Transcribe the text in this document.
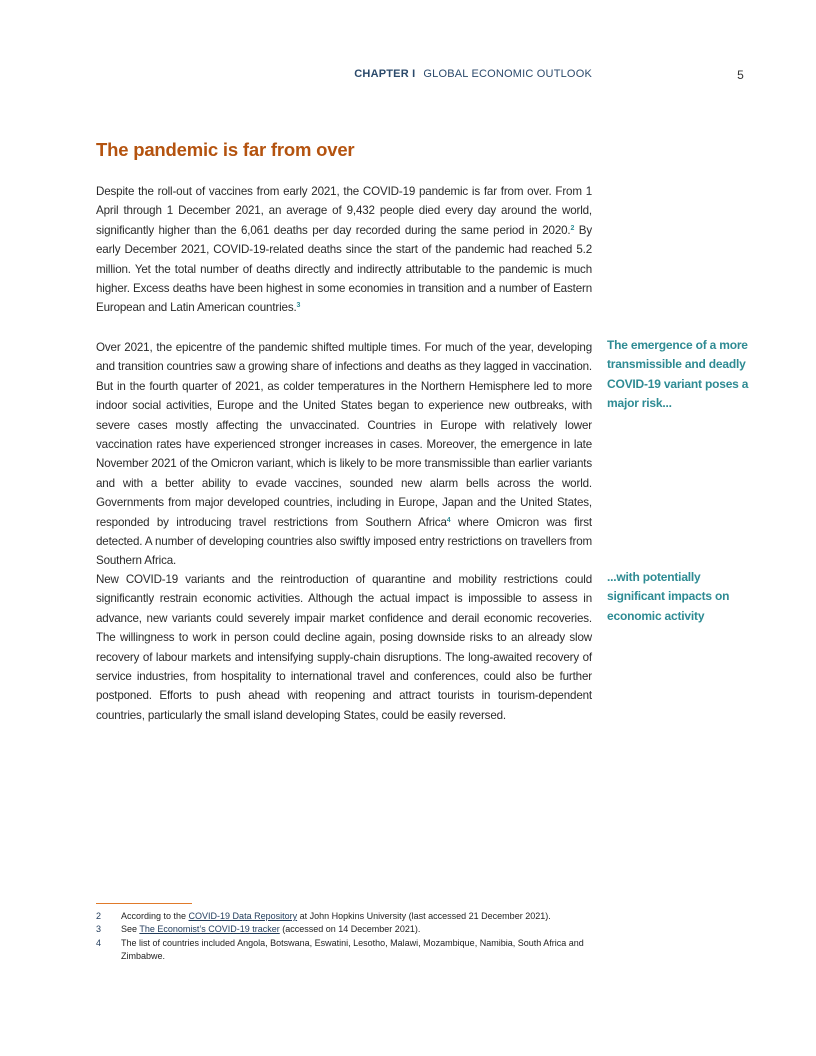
CHAPTER I GLOBAL ECONOMIC OUTLOOK	5
The pandemic is far from over

Despite the roll-out of vaccines from early 2021, the COVID-19 pandemic is far from over. From 1 April through 1 December 2021, an average of 9,432 people died every day around the world, significantly higher than the 6,061 deaths per day recorded during the same period in 2020.$^2$ By early December 2021, COVID-19-related deaths since the start of the pandemic had reached 5.2 million. Yet the total number of deaths directly and indirectly attributable to the pandemic is much higher. Excess deaths have been highest in some economies in transition and a number of Eastern European and Latin American countries.$^3$

Over 2021, the epicentre of the pandemic shifted multiple times. For much of the year, developing and transition countries saw a growing share of infections and deaths as they lagged in vaccination. But in the fourth quarter of 2021, as colder temperatures in the Northern Hemisphere led to more indoor social activities, Europe and the United States began to experience new outbreaks, with severe cases mostly affecting the unvaccinated. Countries in Europe with relatively lower vaccination rates have experienced stronger increases in cases. Moreover, the emergence in late November 2021 of the Omicron variant, which is likely to be more transmissible than earlier variants and with a better ability to evade vaccines, sounded new alarm bells across the world. Governments from major developed countries, including in Europe, Japan and the United States, responded by introducing travel restrictions from Southern Africa$^4$ where Omicron was first detected. A number of developing countries also swiftly imposed entry restrictions on travellers from Southern Africa.

New COVID-19 variants and the reintroduction of quarantine and mobility restrictions could significantly restrain economic activities. Although the actual impact is impossible to assess in advance, new variants could severely impair market confidence and derail economic recoveries. The willingness to work in person could decline again, posing downside risks to an already slow recovery of labour markets and intensifying supply-chain disruptions. The long-awaited recovery of service industries, from hospitality to international travel and conferences, could also be further postponed. Efforts to push ahead with reopening and attract tourists in tourism-dependent countries, particularly the small island developing States, could be easily reversed.

The emergence of a more transmissible and deadly COVID-19 variant poses a major risk...

...with potentially significant impacts on economic activity

2 According to the COVID-19 Data Repository at John Hopkins University (last accessed 21 December 2021).
3 See The Economist’s COVID-19 tracker (accessed on 14 December 2021).
4 The list of countries included Angola, Botswana, Eswatini, Lesotho, Malawi, Mozambique, Namibia, South Africa and Zimbabwe.
